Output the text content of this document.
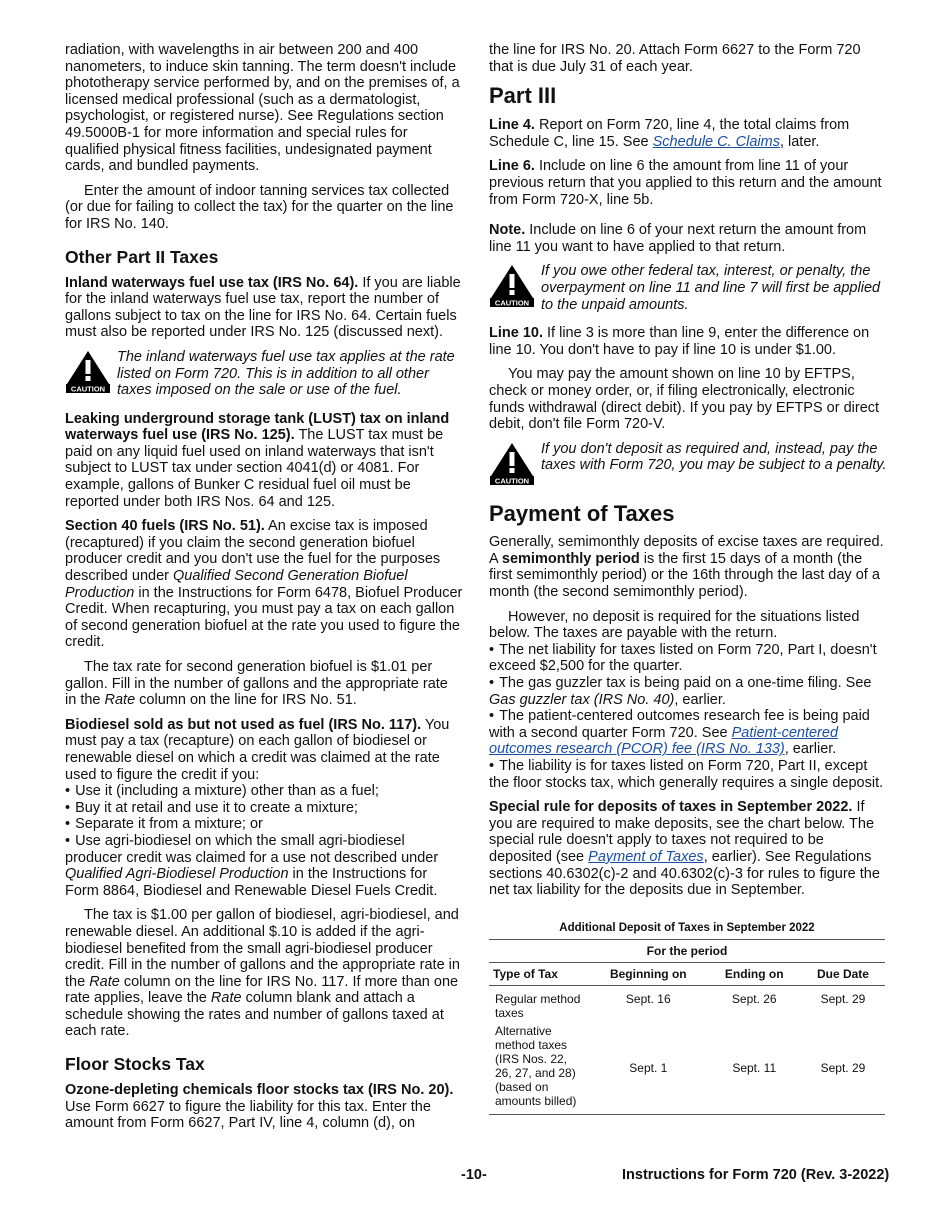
radiation, with wavelengths in air between 200 and 400 nanometers, to induce skin tanning. The term doesn't include phototherapy service performed by, and on the premises of, a licensed medical professional (such as a dermatologist, psychologist, or registered nurse). See Regulations section 49.5000B-1 for more information and special rules for qualified physical fitness facilities, undesignated payment cards, and bundled payments.

Enter the amount of indoor tanning services tax collected (or due for failing to collect the tax) for the quarter on the line for IRS No. 140.

Other Part II Taxes

Inland waterways fuel use tax (IRS No. 64). If you are liable for the inland waterways fuel use tax, report the number of gallons subject to tax on the line for IRS No. 64. Certain fuels must also be reported under IRS No. 125 (discussed next).

CAUTION
The inland waterways fuel use tax applies at the rate listed on Form 720. This is in addition to all other taxes imposed on the sale or use of the fuel.

Leaking underground storage tank (LUST) tax on inland waterways fuel use (IRS No. 125). The LUST tax must be paid on any liquid fuel used on inland waterways that isn't subject to LUST tax under section 4041(d) or 4081. For example, gallons of Bunker C residual fuel oil must be reported under both IRS Nos. 64 and 125.

Section 40 fuels (IRS No. 51). An excise tax is imposed (recaptured) if you claim the second generation biofuel producer credit and you don't use the fuel for the purposes described under Qualified Second Generation Biofuel Production in the Instructions for Form 6478, Biofuel Producer Credit. When recapturing, you must pay a tax on each gallon of second generation biofuel at the rate you used to figure the credit.

The tax rate for second generation biofuel is $1.01 per gallon. Fill in the number of gallons and the appropriate rate in the Rate column on the line for IRS No. 51.

Biodiesel sold as but not used as fuel (IRS No. 117). You must pay a tax (recapture) on each gallon of biodiesel or renewable diesel on which a credit was claimed at the rate used to figure the credit if you:

• Use it (including a mixture) other than as a fuel;
• Buy it at retail and use it to create a mixture;
• Separate it from a mixture; or
• Use agri-biodiesel on which the small agri-biodiesel producer credit was claimed for a use not described under Qualified Agri-Biodiesel Production in the Instructions for Form 8864, Biodiesel and Renewable Diesel Fuels Credit.

The tax is $1.00 per gallon of biodiesel, agri-biodiesel, and renewable diesel. An additional $.10 is added if the agri-biodiesel benefited from the small agri-biodiesel producer credit. Fill in the number of gallons and the appropriate rate in the Rate column on the line for IRS No. 117. If more than one rate applies, leave the Rate column blank and attach a schedule showing the rates and number of gallons taxed at each rate.

Floor Stocks Tax

Ozone-depleting chemicals floor stocks tax (IRS No. 20). Use Form 6627 to figure the liability for this tax. Enter the amount from Form 6627, Part IV, line 4, column (d), on

the line for IRS No. 20. Attach Form 6627 to the Form 720 that is due July 31 of each year.

Part III

Line 4. Report on Form 720, line 4, the total claims from Schedule C, line 15. See Schedule C. Claims, later.

Line 6. Include on line 6 the amount from line 11 of your previous return that you applied to this return and the amount from Form 720-X, line 5b.

Note. Include on line 6 of your next return the amount from line 11 you want to have applied to that return.

CAUTION
If you owe other federal tax, interest, or penalty, the overpayment on line 11 and line 7 will first be applied to the unpaid amounts.

Line 10. If line 3 is more than line 9, enter the difference on line 10. You don't have to pay if line 10 is under $1.00.

You may pay the amount shown on line 10 by EFTPS, check or money order, or, if filing electronically, electronic funds withdrawal (direct debit). If you pay by EFTPS or direct debit, don't file Form 720-V.

CAUTION
If you don't deposit as required and, instead, pay the taxes with Form 720, you may be subject to a penalty.
Payment of Taxes

Generally, semimonthly deposits of excise taxes are required. A semimonthly period is the first 15 days of a month (the first semimonthly period) or the 16th through the last day of a month (the second semimonthly period).

However, no deposit is required for the situations listed below. The taxes are payable with the return.

• The net liability for taxes listed on Form 720, Part I, doesn't exceed $2,500 for the quarter.
• The gas guzzler tax is being paid on a one-time filing. See Gas guzzler tax (IRS No. 40), earlier.
• The patient-centered outcomes research fee is being paid with a second quarter Form 720. See Patient-centered outcomes research (PCOR) fee (IRS No. 133), earlier.
• The liability is for taxes listed on Form 720, Part II, except the floor stocks tax, which generally requires a single deposit.

Special rule for deposits of taxes in September 2022. If you are required to make deposits, see the chart below. The special rule doesn't apply to taxes not required to be deposited (see Payment of Taxes, earlier). See Regulations sections 40.6302(c)-2 and 40.6302(c)-3 for rules to figure the net tax liability for the deposits due in September.

Additional Deposit of Taxes in September 2022
For the period			
Type of Tax	Beginning on	Ending on	Due Date
Regular method taxes	Sept. 16	Sept. 26	Sept. 29
Alternative method taxes (IRS Nos. 22, 26, 27, and 28) (based on amounts billed)	Sept. 1	Sept. 11	Sept. 29
-10-	Instructions for Form 720 (Rev. 3-2022)
